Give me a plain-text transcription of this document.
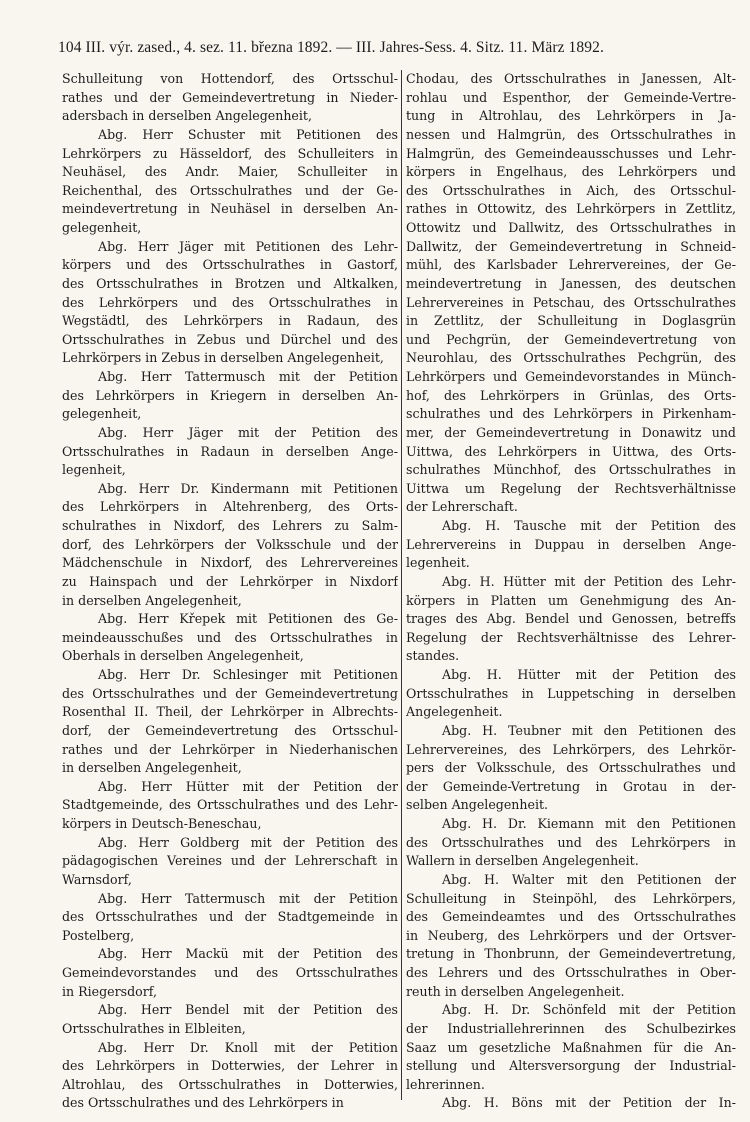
104 III. výr. zased., 4. sez. 11. března 1892. — III. Jahres-Sess. 4. Sitz. 11. März 1892.
Schulleitung von Hottendorf, des Ortsschul-
rathes und der Gemeindevertretung in Nieder-
adersbach in derselben Angelegenheit,
Abg. Herr Schuster mit Petitionen des
Lehrkörpers zu Hässeldorf, des Schulleiters in
Neuhäsel, des Andr. Maier, Schulleiter in
Reichenthal, des Ortsschulrathes und der Ge-
meindevertretung in Neuhäsel in derselben An-
gelegenheit,
Abg. Herr Jäger mit Petitionen des Lehr-
körpers und des Ortsschulrathes in Gastorf,
des Ortsschulrathes in Brotzen und Altkalken,
des Lehrkörpers und des Ortsschulrathes in
Wegstädtl, des Lehrkörpers in Radaun, des
Ortsschulrathes in Zebus und Dürchel und des
Lehrkörpers in Zebus in derselben Angelegenheit,
Abg. Herr Tattermusch mit der Petition
des Lehrkörpers in Kriegern in derselben An-
gelegenheit,
Abg. Herr Jäger mit der Petition des
Ortsschulrathes in Radaun in derselben Ange-
legenheit,
Abg. Herr Dr. Kindermann mit Petitionen
des Lehrkörpers in Altehrenberg, des Orts-
schulrathes in Nixdorf, des Lehrers zu Salm-
dorf, des Lehrkörpers der Volksschule und der
Mädchenschule in Nixdorf, des Lehrervereines
zu Hainspach und der Lehrkörper in Nixdorf
in derselben Angelegenheit,
Abg. Herr Křepek mit Petitionen des Ge-
meindeausschußes und des Ortsschulrathes in
Oberhals in derselben Angelegenheit,
Abg. Herr Dr. Schlesinger mit Petitionen
des Ortsschulrathes und der Gemeindevertretung
Rosenthal II. Theil, der Lehrkörper in Albrechts-
dorf, der Gemeindevertretung des Ortsschul-
rathes und der Lehrkörper in Niederhanischen
in derselben Angelegenheit,
Abg. Herr Hütter mit der Petition der
Stadtgemeinde, des Ortsschulrathes und des Lehr-
körpers in Deutsch-Beneschau,
Abg. Herr Goldberg mit der Petition des
pädagogischen Vereines und der Lehrerschaft in
Warnsdorf,
Abg. Herr Tattermusch mit der Petition
des Ortsschulrathes und der Stadtgemeinde in
Postelberg,
Abg. Herr Mackü mit der Petition des
Gemeindevorstandes und des Ortsschulrathes
in Riegersdorf,
Abg. Herr Bendel mit der Petition des
Ortsschulrathes in Elbleiten,
Abg. Herr Dr. Knoll mit der Petition
des Lehrkörpers in Dotterwies, der Lehrer in
Altrohlau, des Ortsschulrathes in Dotterwies,
des Ortsschulrathes und des Lehrkörpers in
Chodau, des Ortsschulrathes in Janessen, Alt-
rohlau und Espenthor, der Gemeinde-Vertre-
tung in Altrohlau, des Lehrkörpers in Ja-
nessen und Halmgrün, des Ortsschulrathes in
Halmgrün, des Gemeindeausschusses und Lehr-
körpers in Engelhaus, des Lehrkörpers und
des Ortsschulrathes in Aich, des Ortsschul-
rathes in Ottowitz, des Lehrkörpers in Zettlitz,
Ottowitz und Dallwitz, des Ortsschulrathes in
Dallwitz, der Gemeindevertretung in Schneid-
mühl, des Karlsbader Lehrervereines, der Ge-
meindevertretung in Janessen, des deutschen
Lehrervereines in Petschau, des Ortsschulrathes
in Zettlitz, der Schulleitung in Doglasgrün
und Pechgrün, der Gemeindevertretung von
Neurohlau, des Ortsschulrathes Pechgrün, des
Lehrkörpers und Gemeindevorstandes in Münch-
hof, des Lehrkörpers in Grünlas, des Orts-
schulrathes und des Lehrkörpers in Pirkenham-
mer, der Gemeindevertretung in Donawitz und
Uittwa, des Lehrkörpers in Uittwa, des Orts-
schulrathes Münchhof, des Ortsschulrathes in
Uittwa um Regelung der Rechtsverhältnisse
der Lehrerschaft.
Abg. H. Tausche mit der Petition des
Lehrervereins in Duppau in derselben Ange-
legenheit.
Abg. H. Hütter mit der Petition des Lehr-
körpers in Platten um Genehmigung des An-
trages des Abg. Bendel und Genossen, betreffs
Regelung der Rechtsverhältnisse des Lehrer-
standes.
Abg. H. Hütter mit der Petition des
Ortsschulrathes in Luppetsching in derselben
Angelegenheit.
Abg. H. Teubner mit den Petitionen des
Lehrervereines, des Lehrkörpers, des Lehrkör-
pers der Volksschule, des Ortsschulrathes und
der Gemeinde-Vertretung in Grotau in der-
selben Angelegenheit.
Abg. H. Dr. Kiemann mit den Petitionen
des Ortsschulrathes und des Lehrkörpers in
Wallern in derselben Angelegenheit.
Abg. H. Walter mit den Petitionen der
Schulleitung in Steinpöhl, des Lehrkörpers,
des Gemeindeamtes und des Ortsschulrathes
in Neuberg, des Lehrkörpers und der Ortsver-
tretung in Thonbrunn, der Gemeindevertretung,
des Lehrers und des Ortsschulrathes in Ober-
reuth in derselben Angelegenheit.
Abg. H. Dr. Schönfeld mit der Petition
der Industriallehrerinnen des Schulbezirkes
Saaz um gesetzliche Maßnahmen für die An-
stellung und Altersversorgung der Industrial-
lehrerinnen.
Abg. H. Böns mit der Petition der In-
